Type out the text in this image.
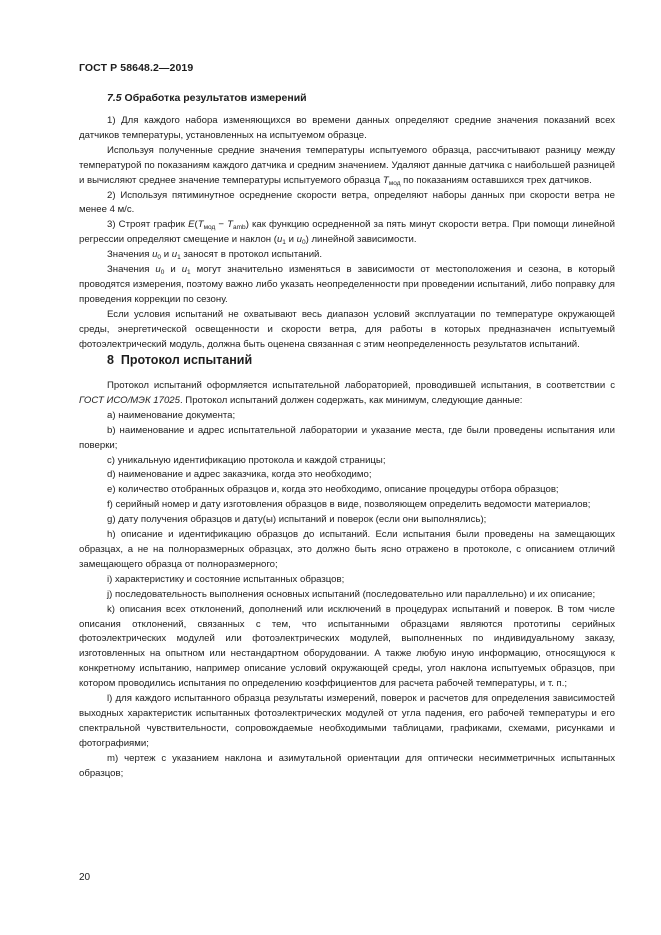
ГОСТ Р 58648.2—2019
7.5 Обработка результатов измерений

1) Для каждого набора изменяющихся во времени данных определяют средние значения показаний всех датчиков температуры, установленных на испытуемом образце.

Используя полученные средние значения температуры испытуемого образца, рассчитывают разницу между температурой по показаниям каждого датчика и средним значением. Удаляют данные датчика с наибольшей разницей и вычисляют среднее значение температуры испытуемого образца $T_{мод}$ по показаниям оставшихся трех датчиков.

2) Используя пятиминутное осреднение скорости ветра, определяют наборы данных при скорости ветра не менее 4 м/с.

3) Строят график $E(T_{мод} - T_{amb})$ как функцию осредненной за пять минут скорости ветра. При помощи линейной регрессии определяют смещение и наклон ($u_1$ и $u_0$) линейной зависимости.

Значения $u_0$ и $u_1$ заносят в протокол испытаний.

Значения $u_0$ и $u_1$ могут значительно изменяться в зависимости от местоположения и сезона, в который проводятся измерения, поэтому важно либо указать неопределенности при проведении испытаний, либо поправку для проведения коррекции по сезону.

Если условия испытаний не охватывают весь диапазон условий эксплуатации по температуре окружающей среды, энергетической освещенности и скорости ветра, для работы в которых предназначен испытуемый фотоэлектрический модуль, должна быть оценена связанная с этим неопределенность результатов испытаний.

8 Протокол испытаний

Протокол испытаний оформляется испытательной лабораторией, проводившей испытания, в соответствии с ГОСТ ИСО/МЭК 17025. Протокол испытаний должен содержать, как минимум, следующие данные:

a) наименование документа;

b) наименование и адрес испытательной лаборатории и указание места, где были проведены испытания или поверки;

c) уникальную идентификацию протокола и каждой страницы;

d) наименование и адрес заказчика, когда это необходимо;

e) количество отобранных образцов и, когда это необходимо, описание процедуры отбора образцов;

f) серийный номер и дату изготовления образцов в виде, позволяющем определить ведомости материалов;

g) дату получения образцов и дату(ы) испытаний и поверок (если они выполнялись);

h) описание и идентификацию образцов до испытаний. Если испытания были проведены на замещающих образцах, а не на полноразмерных образцах, это должно быть ясно отражено в протоколе, с описанием отличий замещающего образца от полноразмерного;

i) характеристику и состояние испытанных образцов;

j) последовательность выполнения основных испытаний (последовательно или параллельно) и их описание;

k) описания всех отклонений, дополнений или исключений в процедурах испытаний и поверок. В том числе описания отклонений, связанных с тем, что испытанными образцами являются прототипы серийных фотоэлектрических модулей или фотоэлектрических модулей, выполненных по индивидуальному заказу, изготовленных на опытном или нестандартном оборудовании. А также любую иную информацию, относящуюся к конкретному испытанию, например описание условий окружающей среды, угол наклона испытуемых образцов, при котором проводились испытания по определению коэффициентов для расчета рабочей температуры, и т. п.;

l) для каждого испытанного образца результаты измерений, поверок и расчетов для определения зависимостей выходных характеристик испытанных фотоэлектрических модулей от угла падения, его рабочей температуры и его спектральной чувствительности, сопровождаемые необходимыми таблицами, графиками, схемами, рисунками и фотографиями;

m) чертеж с указанием наклона и азимутальной ориентации для оптически несимметричных испытанных образцов;

20
